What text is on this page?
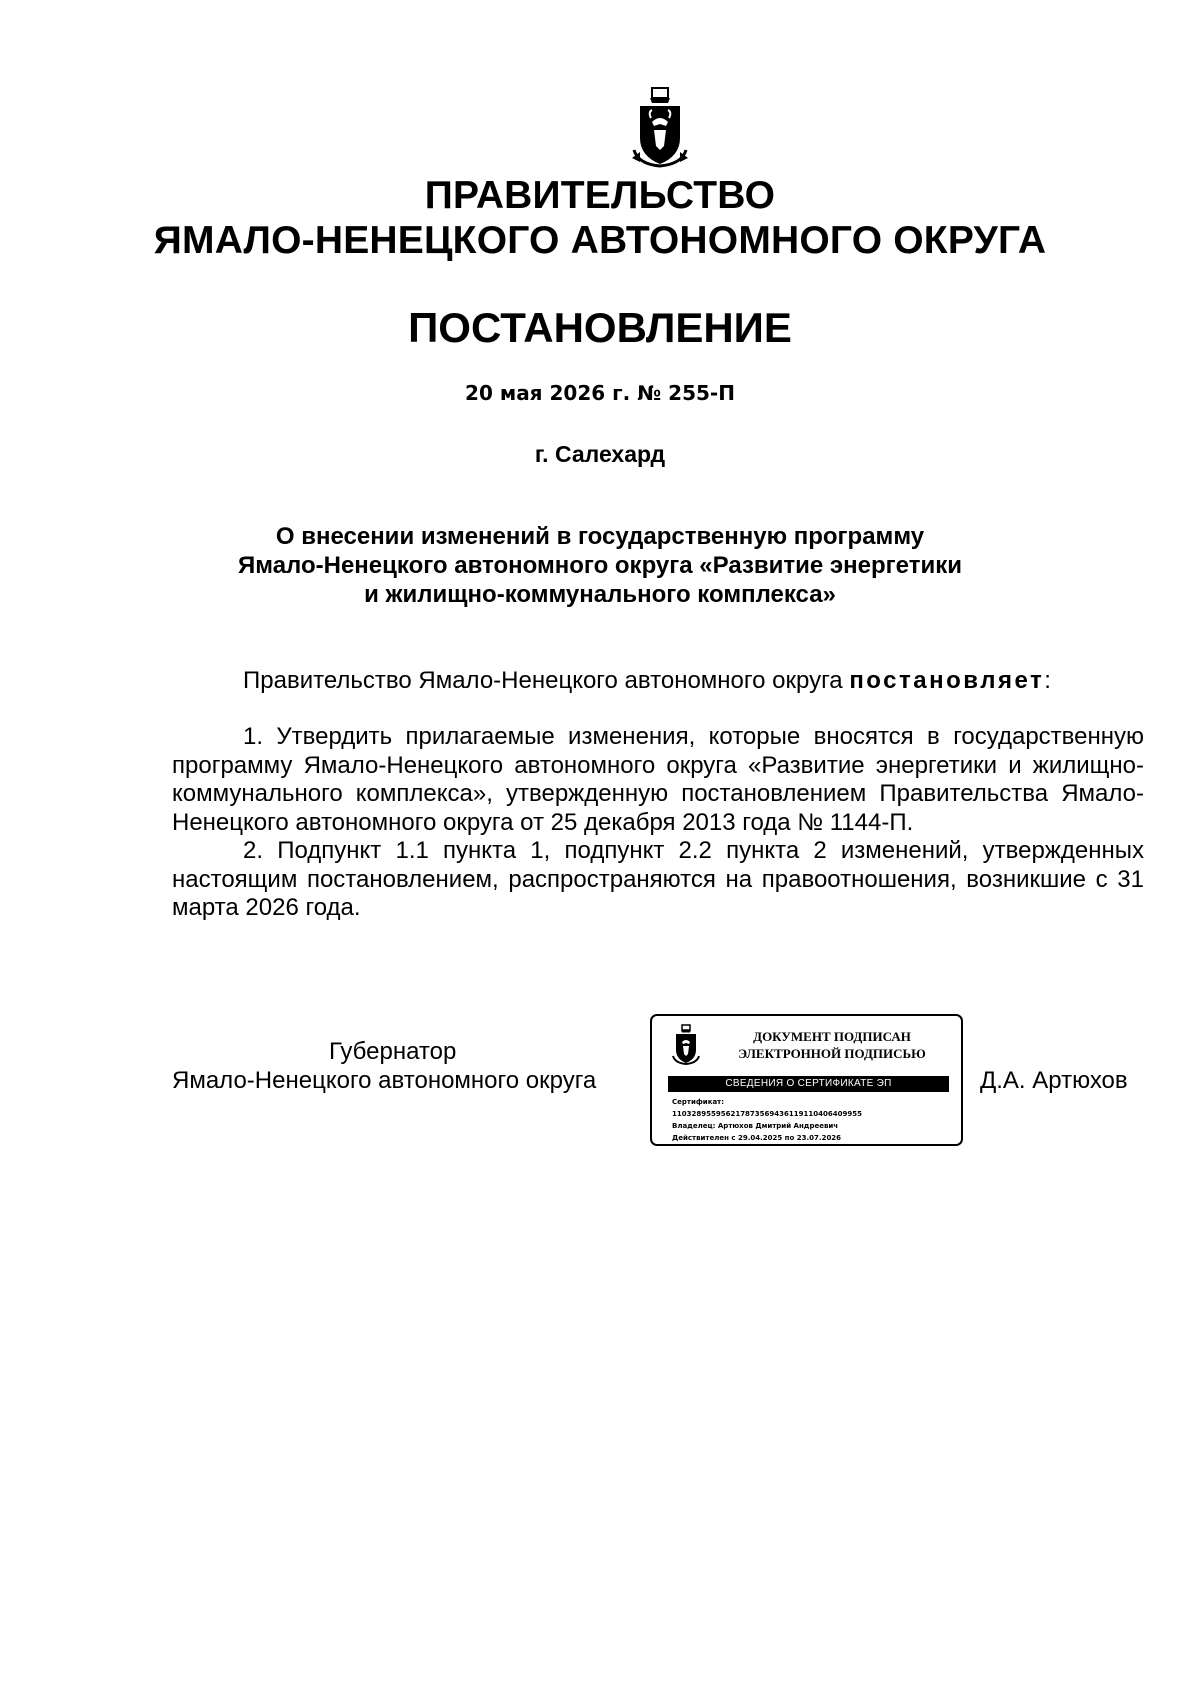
ПРАВИТЕЛЬСТВО
ЯМАЛО-НЕНЕЦКОГО АВТОНОМНОГО ОКРУГА
ПОСТАНОВЛЕНИЕ
20 мая 2026 г. № 255-П
г. Салехард
О внесении изменений в государственную программу
Ямало-Ненецкого автономного округа «Развитие энергетики
и жилищно-коммунального комплекса»
Правительство Ямало-Ненецкого автономного округа постановляет:

1. Утвердить прилагаемые изменения, которые вносятся в государственную программу Ямало-Ненецкого автономного округа «Развитие энергетики и жилищно-коммунального комплекса», утвержденную постановлением Правительства Ямало-Ненецкого автономного округа от 25 декабря 2013 года № 1144-П.

2. Подпункт 1.1 пункта 1, подпункт 2.2 пункта 2 изменений, утвержденных настоящим постановлением, распространяются на правоотношения, возникшие с 31 марта 2026 года.

Губернатор
Ямало-Ненецкого автономного округа
ДОКУМЕНТ ПОДПИСАН
ЭЛЕКТРОННОЙ ПОДПИСЬЮ
СВЕДЕНИЯ О СЕРТИФИКАТЕ ЭП
Сертификат:
110328955956217873569436119110406409955
Владелец: Артюхов Дмитрий Андреевич
Действителен с 29.04.2025 по 23.07.2026
Д.А. Артюхов
